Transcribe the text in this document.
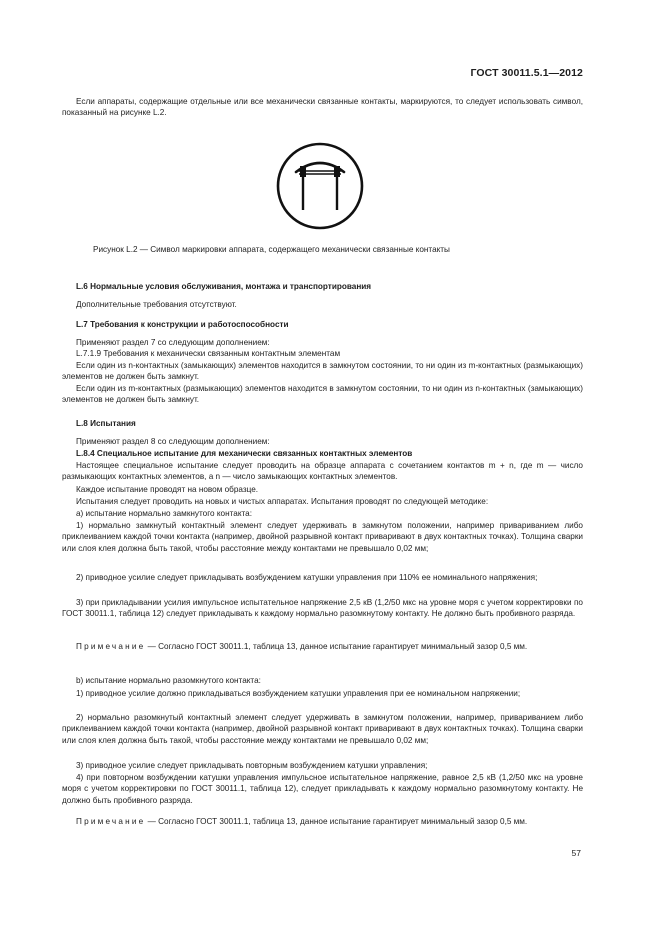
ГОСТ 30011.5.1—2012
Если аппараты, содержащие отдельные или все механически связанные контакты, маркируются, то следует использовать символ, показанный на рисунке L.2.
Рисунок L.2 — Символ маркировки аппарата, содержащего механически связанные контакты
L.6 Нормальные условия обслуживания, монтажа и транспортирования
Дополнительные требования отсутствуют.
L.7 Требования к конструкции и работоспособности
Применяют раздел 7 со следующим дополнением:
L.7.1.9 Требования к механически связанным контактным элементам
Если один из n-контактных (замыкающих) элементов находится в замкнутом состоянии, то ни один из m-контактных (размыкающих) элементов не должен быть замкнут.
Если один из m-контактных (размыкающих) элементов находится в замкнутом состоянии, то ни один из n-контактных (замыкающих) элементов не должен быть замкнут.
L.8 Испытания
Применяют раздел 8 со следующим дополнением:
L.8.4 Специальное испытание для механически связанных контактных элементов
Настоящее специальное испытание следует проводить на образце аппарата с сочетанием контактов m + n, где m — число размыкающих контактных элементов, а n — число замыкающих контактных элементов.
Каждое испытание проводят на новом образце.
Испытания следует проводить на новых и чистых аппаратах. Испытания проводят по следующей методике:
а) испытание нормально замкнутого контакта:
1) нормально замкнутый контактный элемент следует удерживать в замкнутом положении, например привариванием либо приклеиванием каждой точки контакта (например, двойной разрывной контакт приваривают в двух контактных точках). Толщина сварки или слоя клея должна быть такой, чтобы расстояние между контактами не превышало 0,02 мм;
2) приводное усилие следует прикладывать возбуждением катушки управления при 110% ее номинального напряжения;
3) при прикладывании усилия импульсное испытательное напряжение 2,5 кВ (1,2/50 мкс на уровне моря с учетом корректировки по ГОСТ 30011.1, таблица 12) следует прикладывать к каждому нормально разомкнутому контакту. Не должно быть пробивного разряда.
Примечание — Согласно ГОСТ 30011.1, таблица 13, данное испытание гарантирует минимальный зазор 0,5 мм.
b) испытание нормально разомкнутого контакта:
1) приводное усилие должно прикладываться возбуждением катушки управления при ее номинальном напряжении;
2) нормально разомкнутый контактный элемент следует удерживать в замкнутом положении, например, привариванием либо приклеиванием каждой точки контакта (например, двойной разрывной контакт приваривают в двух контактных точках). Толщина сварки или слоя клея должна быть такой, чтобы расстояние между контактами не превышало 0,02 мм;
3) приводное усилие следует прикладывать повторным возбуждением катушки управления;
4) при повторном возбуждении катушки управления импульсное испытательное напряжение, равное 2,5 кВ (1,2/50 мкс на уровне моря с учетом корректировки по ГОСТ 30011.1, таблица 12), следует прикладывать к каждому нормально разомкнутому контакту. Не должно быть пробивного разряда.
Примечание — Согласно ГОСТ 30011.1, таблица 13, данное испытание гарантирует минимальный зазор 0,5 мм.
57
